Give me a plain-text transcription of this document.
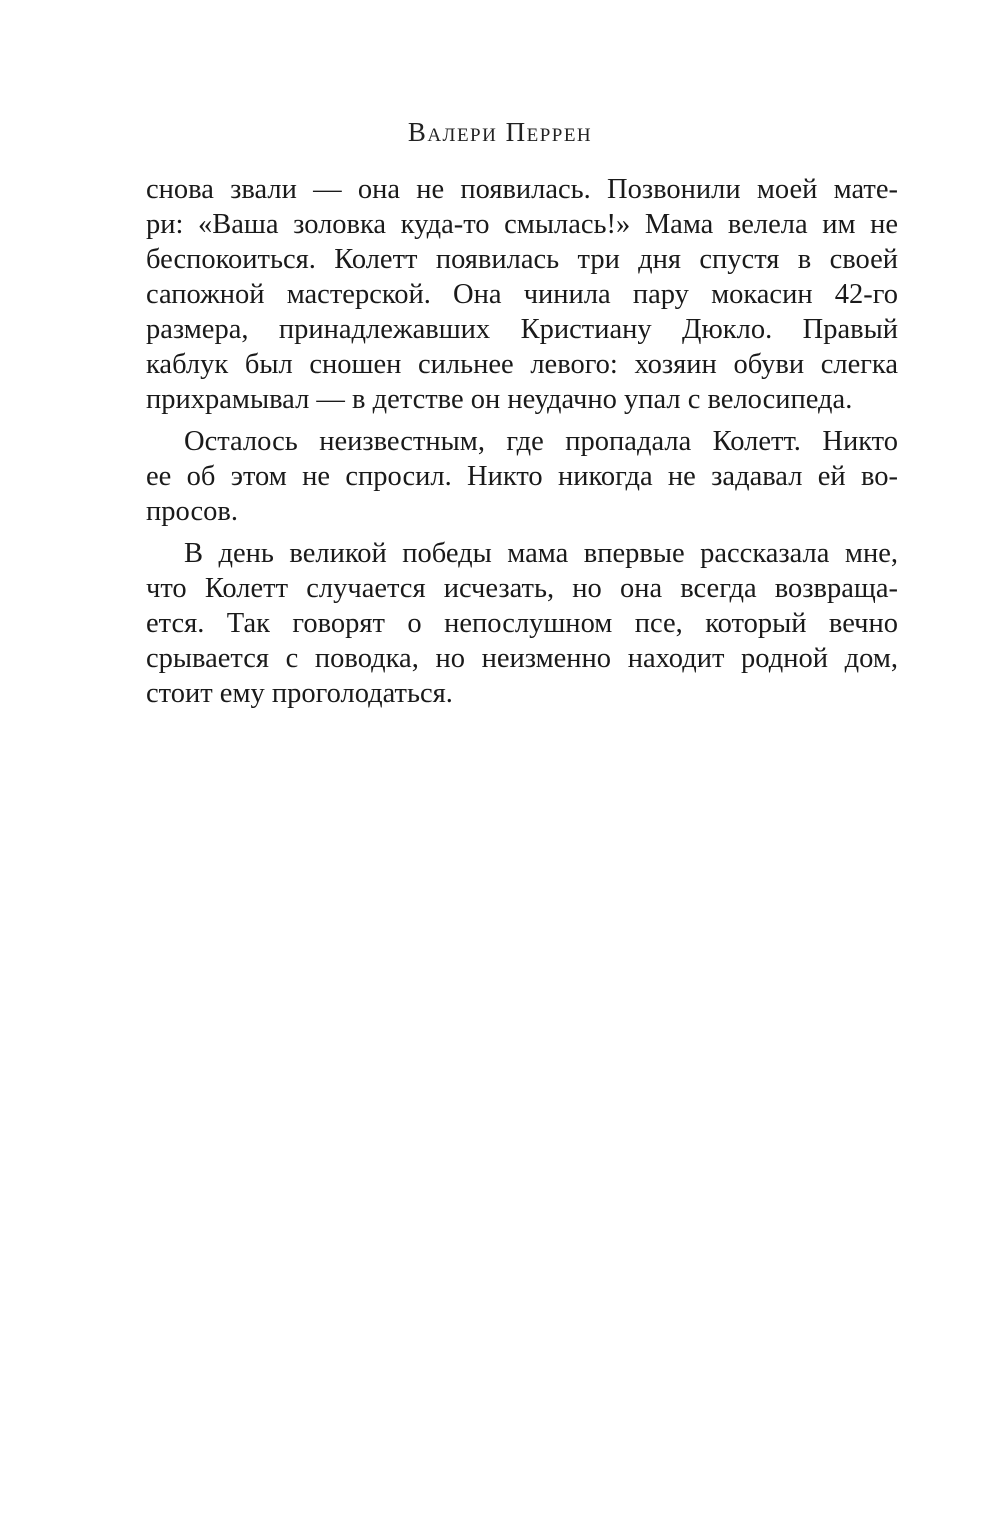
Валери Перрен

снова звали — она не появилась. Позвонили моей мате-
ри: «Ваша золовка куда-то смылась!» Мама велела им не
беспокоиться. Колетт появилась три дня спустя в своей
сапожной мастерской. Она чинила пару мокасин 42-го
размера, принадлежавших Кристиану Дюкло. Правый
каблук был сношен сильнее левого: хозяин обуви слегка
прихрамывал — в детстве он неудачно упал с велосипеда.

Осталось неизвестным, где пропадала Колетт. Никто
ее об этом не спросил. Никто никогда не задавал ей во-
просов.

В день великой победы мама впервые рассказала мне,
что Колетт случается исчезать, но она всегда возвраща-
ется. Так говорят о непослушном псе, который вечно
срывается с поводка, но неизменно находит родной дом,
стоит ему проголодаться.
